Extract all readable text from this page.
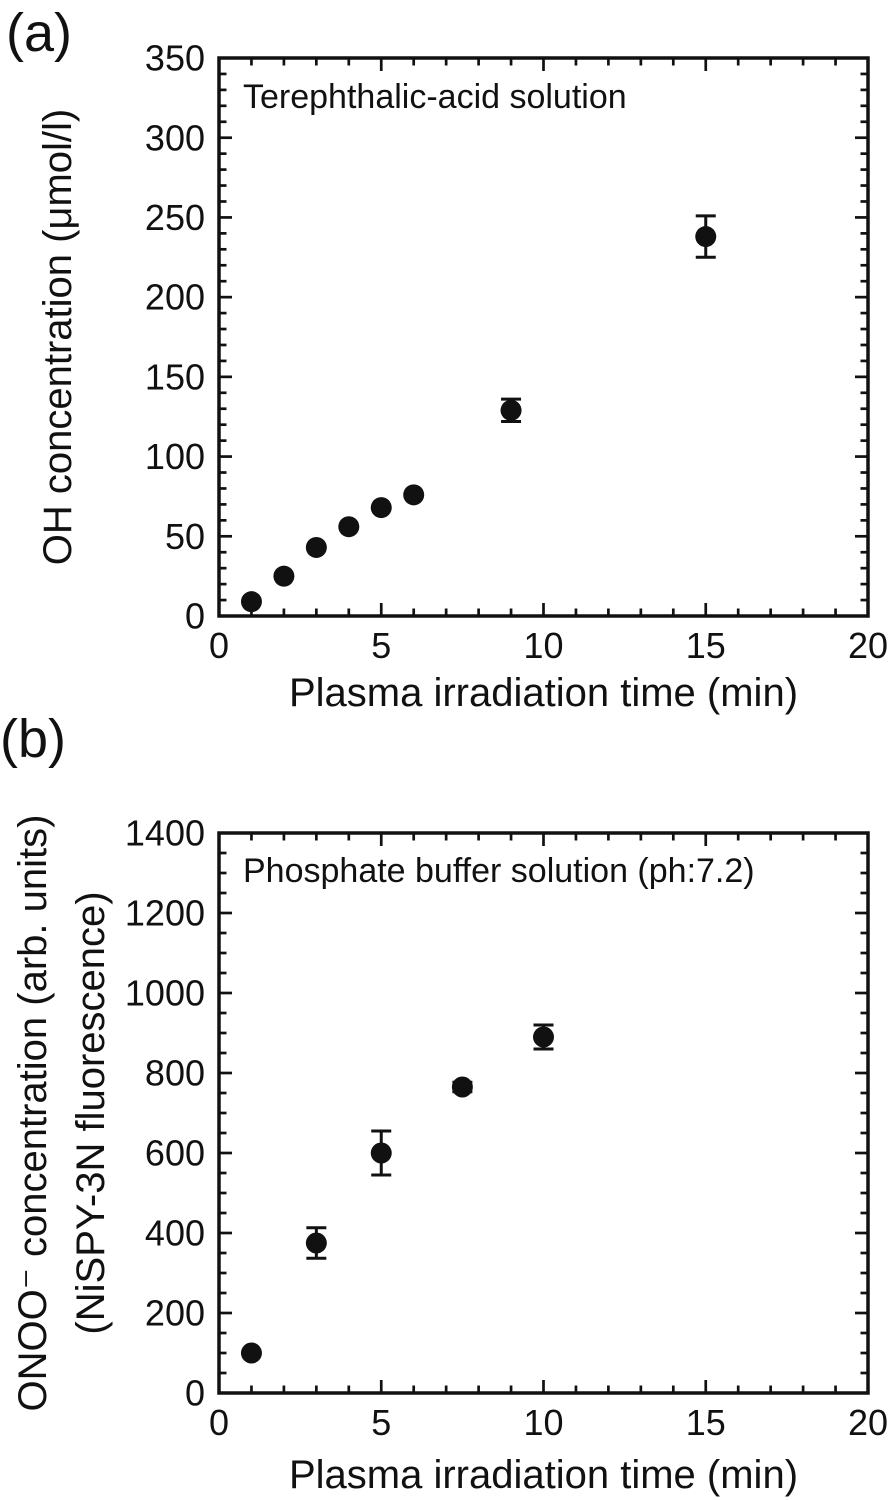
(a)
(b)
0
50
100
150
200
250
300
350
0	5	10	15	20
Terephthalic-acid solution
Plasma irradiation time (min)
OH concentration (μmol/l)
0
200
400
600
800
1000
1200
1400
0	5	10	15	20
Phosphate buffer solution (ph:7.2)
Plasma irradiation time (min)
ONOO⁻ concentration (arb. units) (NiSPY-3N fluorescence)
